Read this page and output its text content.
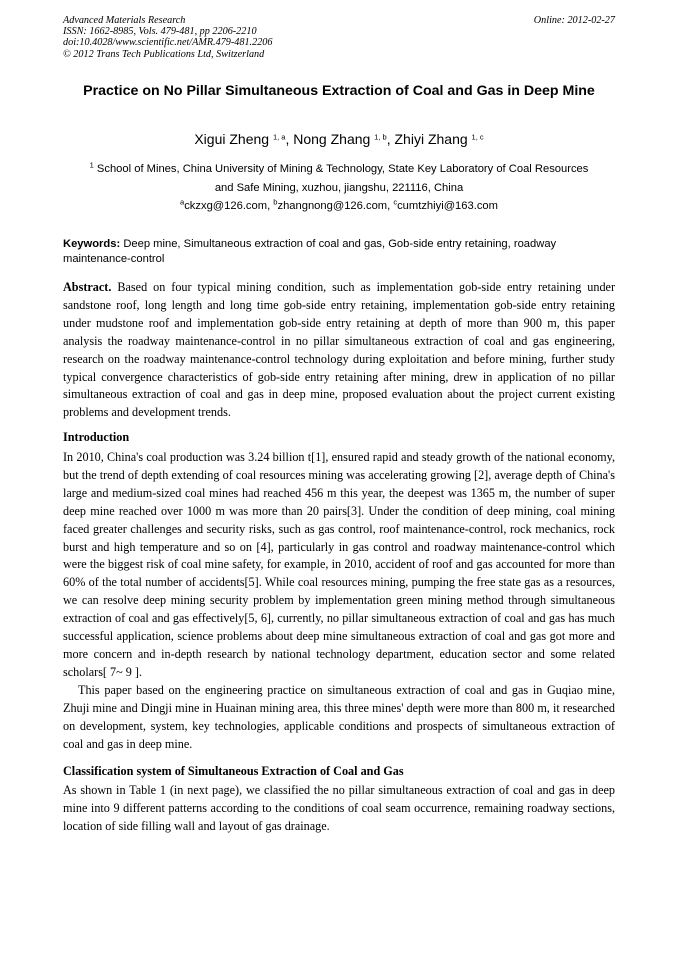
Advanced Materials Research
ISSN: 1662-8985, Vols. 479-481, pp 2206-2210
doi:10.4028/www.scientific.net/AMR.479-481.2206
© 2012 Trans Tech Publications Ltd, Switzerland
Online: 2012-02-27
Practice on No Pillar Simultaneous Extraction of Coal and Gas in Deep Mine
Xigui Zheng $^{1, a}$, Nong Zhang $^{1, b}$, Zhiyi Zhang $^{1, c}$
$^1$ School of Mines, China University of Mining & Technology, State Key Laboratory of Coal Resources and Safe Mining, xuzhou, jiangshu, 221116, China
$^a$ckzxg@126.com, $^b$zhangnong@126.com, $^c$cumtzhiyi@163.com
Keywords: Deep mine, Simultaneous extraction of coal and gas, Gob-side entry retaining, roadway maintenance-control

Abstract. Based on four typical mining condition, such as implementation gob-side entry retaining under sandstone roof, long length and long time gob-side entry retaining, implementation gob-side entry retaining under mudstone roof and implementation gob-side entry retaining at depth of more than 900 m, this paper analysis the roadway maintenance-control in no pillar simultaneous extraction of coal and gas engineering, research on the roadway maintenance-control technology during exploitation and before mining, further study typical convergence characteristics of gob-side entry retaining after mining, drew in application of no pillar simultaneous extraction of coal and gas in deep mine, proposed evaluation about the project current existing problems and development trends.

Introduction

In 2010, China's coal production was 3.24 billion t[1], ensured rapid and steady growth of the national economy, but the trend of depth extending of coal resources mining was accelerating growing [2], average depth of China's large and medium-sized coal mines had reached 456 m this year, the deepest was 1365 m, the number of super deep mine reached over 1000 m was more than 20 pairs[3]. Under the condition of deep mining, coal mining faced greater challenges and security risks, such as gas control, roof maintenance-control, rock mechanics, rock burst and high temperature and so on [4], particularly in gas control and roadway maintenance-control which were the biggest risk of coal mine safety, for example, in 2010, accident of roof and gas accounted for more than 60% of the total number of accidents[5]. While coal resources mining, pumping the free state gas as a resources, we can resolve deep mining security problem by implementation green mining method through simultaneous extraction of coal and gas effectively[5, 6], currently, no pillar simultaneous extraction of coal and gas has much successful application, science problems about deep mine simultaneous extraction of coal and gas got more and more concern and in-depth research by national technology department, education sector and some related scholars[ 7~ 9 ].

This paper based on the engineering practice on simultaneous extraction of coal and gas in Guqiao mine, Zhuji mine and Dingji mine in Huainan mining area, this three mines' depth were more than 800 m, it researched on development, system, key technologies, applicable conditions and prospects of simultaneous extraction of coal and gas in deep mine.

Classification system of Simultaneous Extraction of Coal and Gas

As shown in Table 1 (in next page), we classified the no pillar simultaneous extraction of coal and gas in deep mine into 9 different patterns according to the conditions of coal seam occurrence, remaining roadway sections, location of side filling wall and layout of gas drainage.
